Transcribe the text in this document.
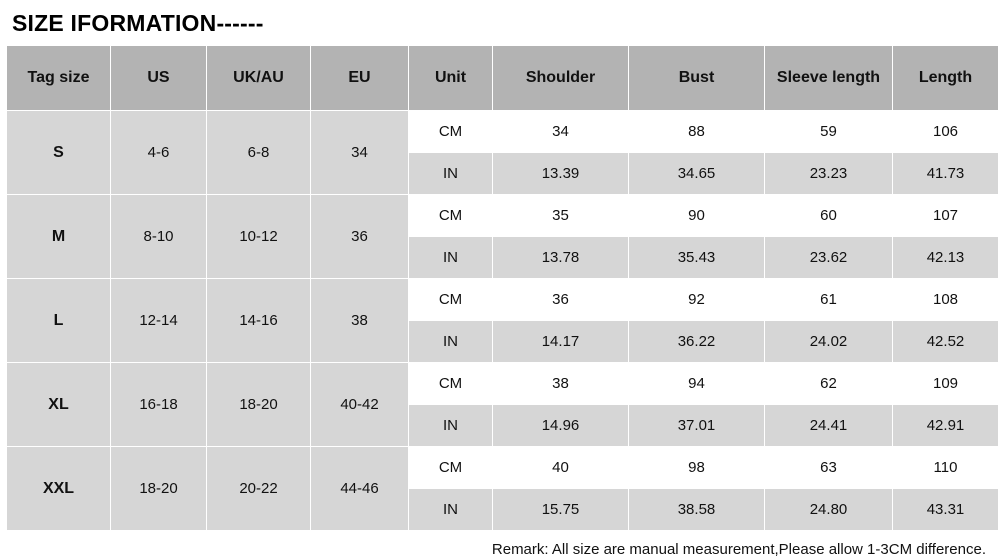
SIZE IFORMATION------
Tag size	US	UK/AU	EU	Unit	Shoulder	Bust	Sleeve length	Length
S	4-6	6-8	34	CM	34	88	59	106
				IN	13.39	34.65	23.23	41.73
M	8-10	10-12	36	CM	35	90	60	107
				IN	13.78	35.43	23.62	42.13
L	12-14	14-16	38	CM	36	92	61	108
				IN	14.17	36.22	24.02	42.52
XL	16-18	18-20	40-42	CM	38	94	62	109
				IN	14.96	37.01	24.41	42.91
XXL	18-20	20-22	44-46	CM	40	98	63	110
				IN	15.75	38.58	24.80	43.31
Remark: All size are manual measurement,Please allow 1-3CM difference.
